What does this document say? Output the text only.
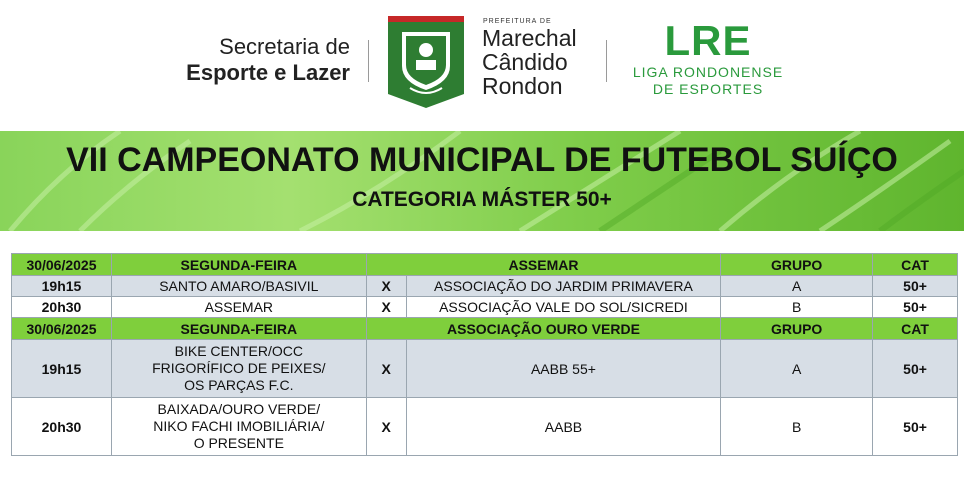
Secretaria de
Esporte e Lazer
PREFEITURA DE
Marechal
Cândido
Rondon
LRE
LIGA RONDONENSE
DE ESPORTES
VII CAMPEONATO MUNICIPAL DE FUTEBOL SUÍÇO
CATEGORIA MÁSTER 50+
30/06/2025	SEGUNDA-FEIRA	ASSEMAR		GRUPO	CAT
19h15	SANTO AMARO/BASIVIL	X	ASSOCIAÇÃO DO JARDIM PRIMAVERA	A	50+
20h30	ASSEMAR	X	ASSOCIAÇÃO VALE DO SOL/SICREDI	B	50+
30/06/2025	SEGUNDA-FEIRA	ASSOCIAÇÃO OURO VERDE		GRUPO	CAT
19h15	BIKE CENTER/OCC
FRIGORÍFICO DE PEIXES/
OS PARÇAS F.C.	X	AABB 55+	A	50+
20h30	BAIXADA/OURO VERDE/
NIKO FACHI IMOBILIÁRIA/
O PRESENTE	X	AABB	B	50+
